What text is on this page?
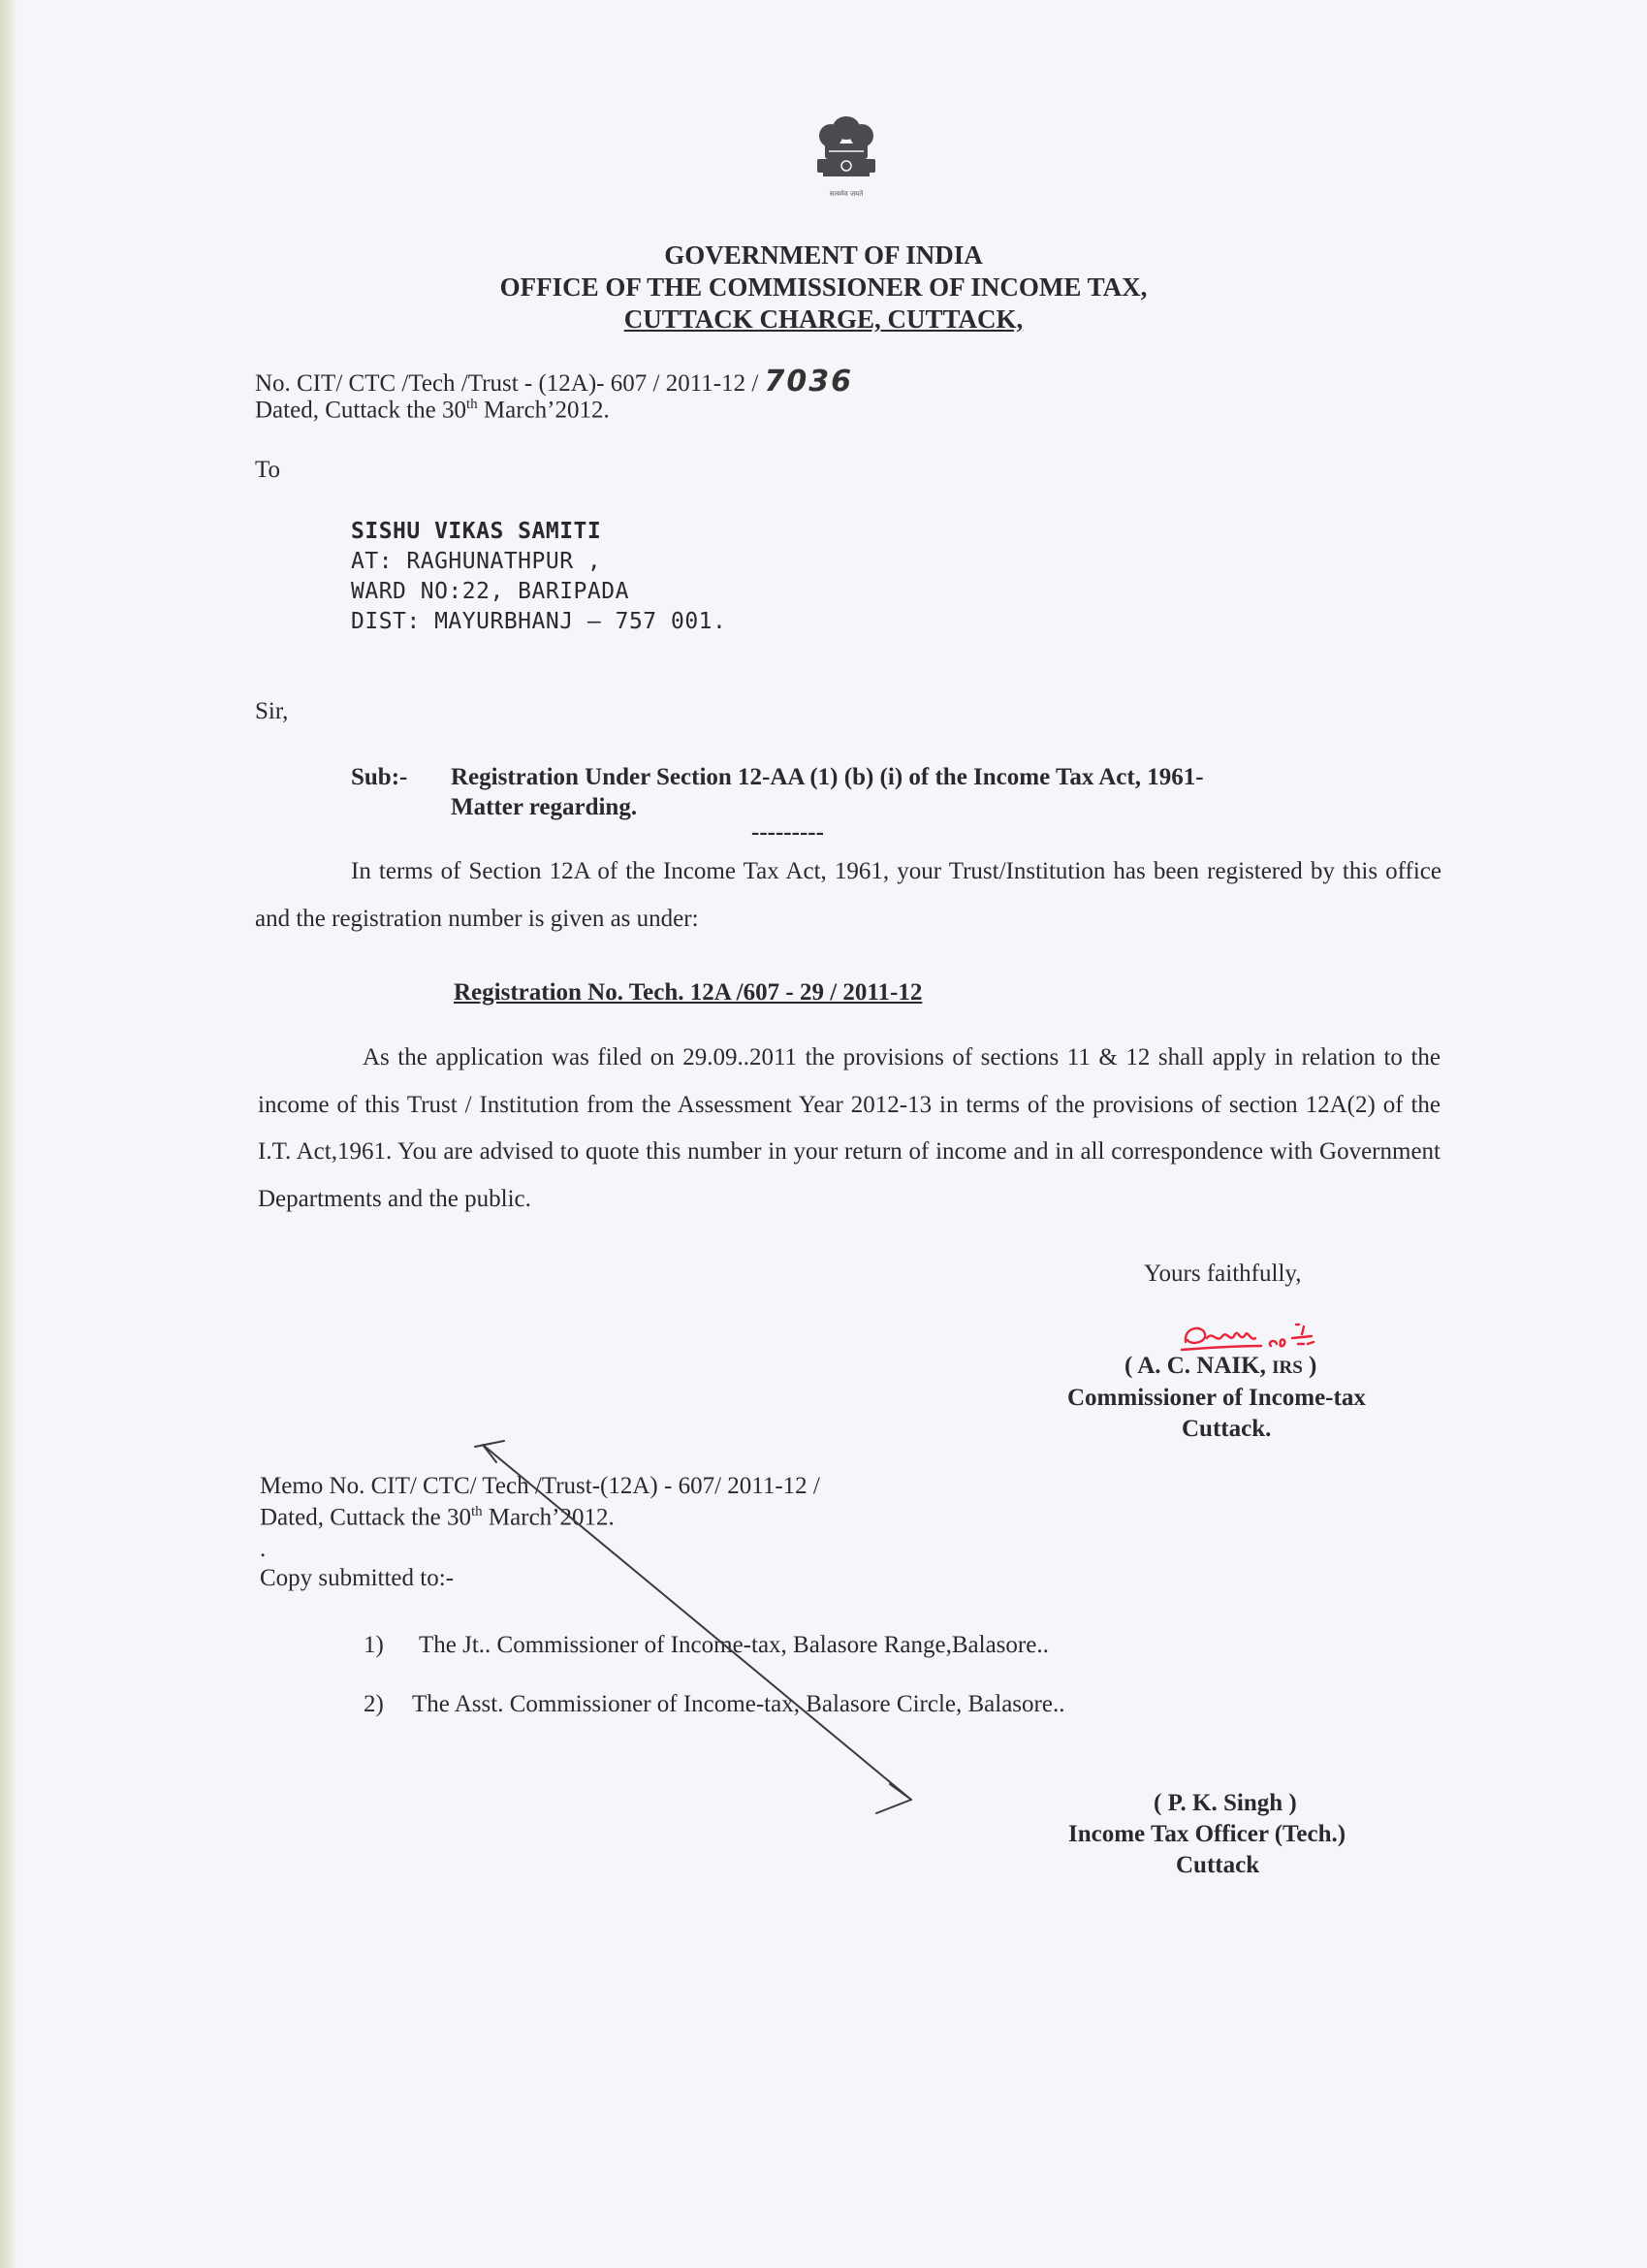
सत्यमेव जयते
GOVERNMENT OF INDIA
OFFICE OF THE COMMISSIONER OF INCOME TAX,
CUTTACK CHARGE, CUTTACK,
No. CIT/ CTC /Tech /Trust - (12A)- 607 / 2011-12 / 7036
Dated, Cuttack the 30th March’2012.
To
SISHU VIKAS SAMITI
AT: RAGHUNATHPUR ,
WARD NO:22, BARIPADA
DIST: MAYURBHANJ – 757 001.
Sir,
Sub:- Registration Under Section 12-AA (1) (b) (i) of the Income Tax Act, 1961-
Matter regarding.
---------
In terms of Section 12A of the Income Tax Act, 1961, your Trust/Institution has been registered by this office and the registration number is given as under:
Registration No. Tech. 12A /607 - 29 / 2011-12
As the application was filed on 29.09..2011 the provisions of sections 11 & 12 shall apply in relation to the income of this Trust / Institution from the Assessment Year 2012-13 in terms of the provisions of section 12A(2) of the I.T. Act,1961. You are advised to quote this number in your return of income and in all correspondence with Government Departments and the public.
Yours faithfully,
( A. C. NAIK, IRS )
Commissioner of Income-tax
Cuttack.
Memo No. CIT/ CTC/ Tech /Trust-(12A) - 607/ 2011-12 /
Dated, Cuttack the 30th March’2012.
.
Copy submitted to:-
1) The Jt.. Commissioner of Income-tax, Balasore Range,Balasore..
2) The Asst. Commissioner of Income-tax, Balasore Circle, Balasore..
( P. K. Singh )
Income Tax Officer (Tech.)
Cuttack
